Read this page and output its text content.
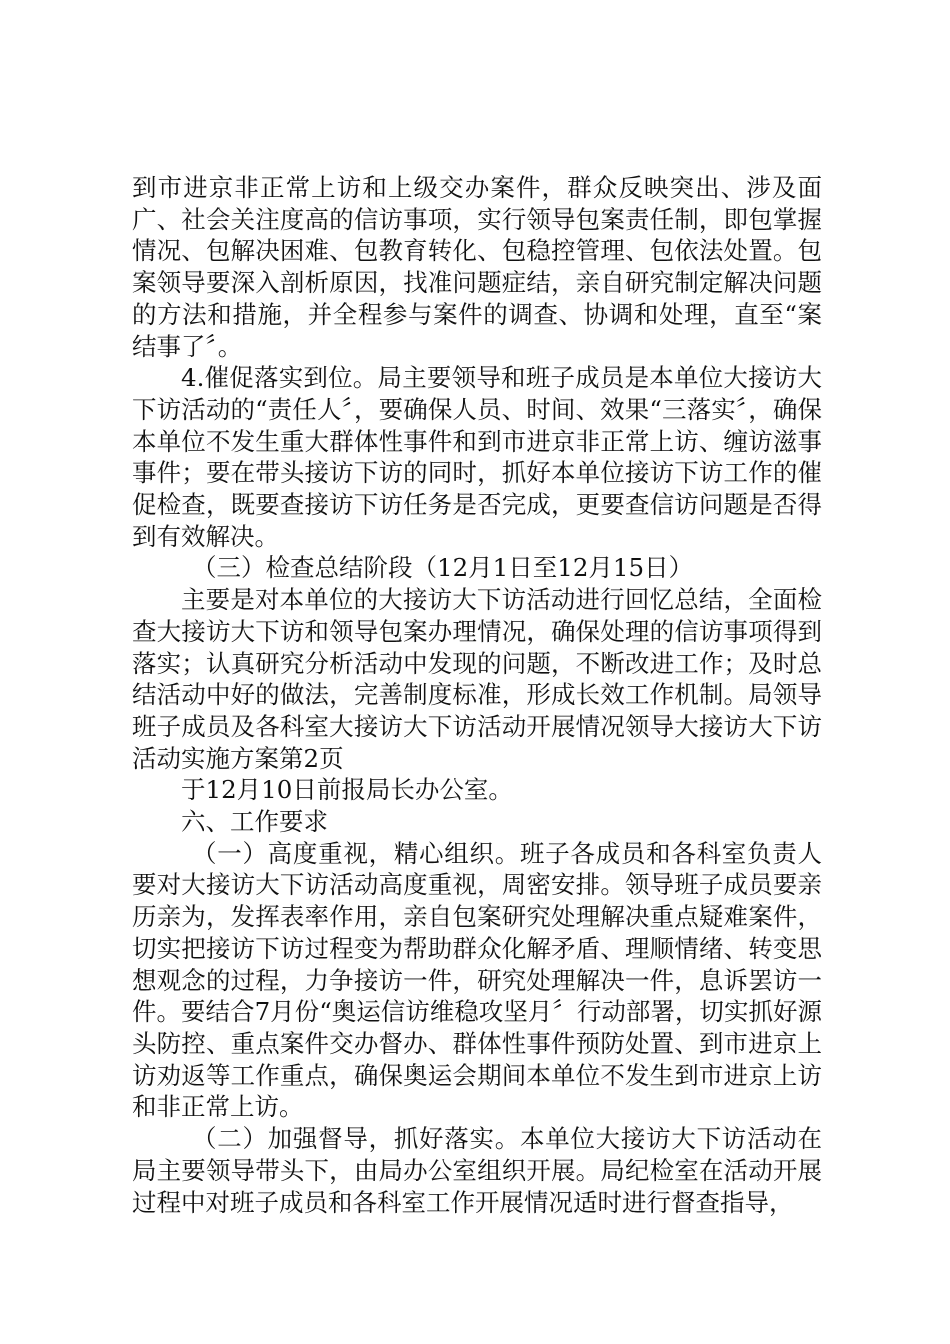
到市进京非正常上访和上级交办案件，群众反映突出、涉及面广、社会关注度高的信访事项，实行领导包案责任制，即包掌握情况、包解决困难、包教育转化、包稳控管理、包依法处置。包案领导要深入剖析原因，找准问题症结，亲自研究制定解决问题的方法和措施，并全程参与案件的调查、协调和处理，直至“案结事了〞。

4.催促落实到位。局主要领导和班子成员是本单位大接访大下访活动的“责任人〞，要确保人员、时间、效果“三落实〞，确保本单位不发生重大群体性事件和到市进京非正常上访、缠访滋事事件；要在带头接访下访的同时，抓好本单位接访下访工作的催促检查，既要查接访下访任务是否完成，更要查信访问题是否得到有效解决。

（三）检查总结阶段（12月1日至12月15日）

主要是对本单位的大接访大下访活动进行回忆总结，全面检查大接访大下访和领导包案办理情况，确保处理的信访事项得到落实；认真研究分析活动中发现的问题，不断改进工作；及时总结活动中好的做法，完善制度标准，形成长效工作机制。局领导班子成员及各科室大接访大下访活动开展情况领导大接访大下访活动实施方案第2页

于12月10日前报局长办公室。

六、工作要求

（一）高度重视，精心组织。班子各成员和各科室负责人要对大接访大下访活动高度重视，周密安排。领导班子成员要亲历亲为，发挥表率作用，亲自包案研究处理解决重点疑难案件，切实把接访下访过程变为帮助群众化解矛盾、理顺情绪、转变思想观念的过程，力争接访一件，研究处理解决一件，息诉罢访一件。要结合7月份“奥运信访维稳攻坚月〞行动部署，切实抓好源头防控、重点案件交办督办、群体性事件预防处置、到市进京上访劝返等工作重点，确保奥运会期间本单位不发生到市进京上访和非正常上访。

（二）加强督导，抓好落实。本单位大接访大下访活动在局主要领导带头下，由局办公室组织开展。局纪检室在活动开展过程中对班子成员和各科室工作开展情况适时进行督查指导，
